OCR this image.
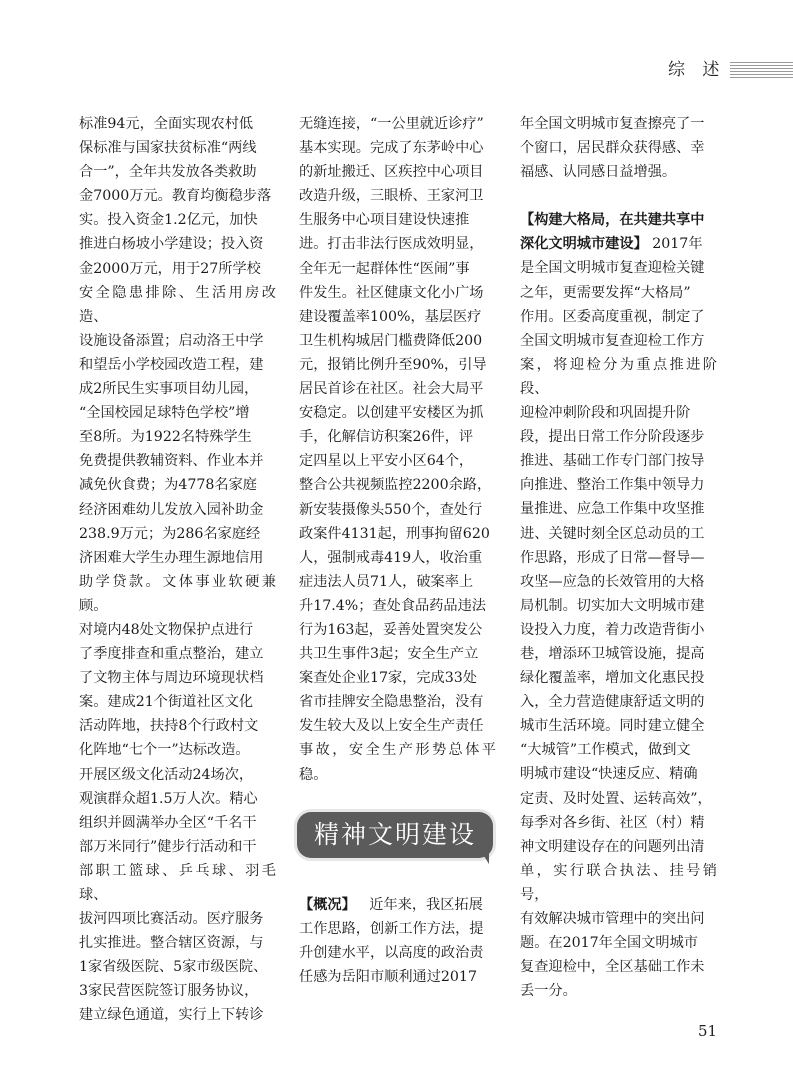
综 述

标准94元，全面实现农村低

保标准与国家扶贫标准“两线

合一”，全年共发放各类救助

金7000万元。教育均衡稳步落

实。投入资金1.2亿元，加快

推进白杨坡小学建设；投入资

金2000万元，用于27所学校

安全隐患排除、生活用房改造、

设施设备添置；启动洛王中学

和望岳小学校园改造工程，建

成2所民生实事项目幼儿园，

“全国校园足球特色学校”增

至8所。为1922名特殊学生

免费提供教辅资料、作业本并

减免伙食费；为4778名家庭

经济困难幼儿发放入园补助金

238.9万元；为286名家庭经

济困难大学生办理生源地信用

助学贷款。文体事业软硬兼顾。

对境内48处文物保护点进行

了季度排查和重点整治，建立

了文物主体与周边环境现状档

案。建成21个街道社区文化

活动阵地，扶持8个行政村文

化阵地“七个一”达标改造。

开展区级文化活动24场次，

观演群众超1.5万人次。精心

组织并圆满举办全区“千名干

部万米同行”健步行活动和干

部职工篮球、乒乓球、羽毛球、

拔河四项比赛活动。医疗服务

扎实推进。整合辖区资源，与

1家省级医院、5家市级医院、

3家民营医院签订服务协议，

建立绿色通道，实行上下转诊

无缝连接，“一公里就近诊疗”

基本实现。完成了东茅岭中心

的新址搬迁、区疾控中心项目

改造升级，三眼桥、王家河卫

生服务中心项目建设快速推

进。打击非法行医成效明显，

全年无一起群体性“医闹”事

件发生。社区健康文化小广场

建设覆盖率100%，基层医疗

卫生机构城居门槛费降低200

元，报销比例升至90%，引导

居民首诊在社区。社会大局平

安稳定。以创建平安楼区为抓

手，化解信访积案26件，评

定四星以上平安小区64个，

整合公共视频监控2200余路，

新安装摄像头550个，查处行

政案件4131起，刑事拘留620

人，强制戒毒419人，收治重

症违法人员71人，破案率上

升17.4%；查处食品药品违法

行为163起，妥善处置突发公

共卫生事件3起；安全生产立

案查处企业17家，完成33处

省市挂牌安全隐患整治，没有

发生较大及以上安全生产责任

事故，安全生产形势总体平稳。

精神文明建设

【概况】 近年来，我区拓展

工作思路，创新工作方法，提

升创建水平，以高度的政治责

任感为岳阳市顺利通过2017

年全国文明城市复查擦亮了一

个窗口，居民群众获得感、幸

福感、认同感日益增强。

【构建大格局，在共建共享中

深化文明城市建设】 2017年

是全国文明城市复查迎检关键

之年，更需要发挥“大格局”

作用。区委高度重视，制定了

全国文明城市复查迎检工作方

案，将迎检分为重点推进阶段、

迎检冲刺阶段和巩固提升阶

段，提出日常工作分阶段逐步

推进、基础工作专门部门按导

向推进、整治工作集中领导力

量推进、应急工作集中攻坚推

进、关键时刻全区总动员的工

作思路，形成了日常—督导—

攻坚—应急的长效管用的大格

局机制。切实加大文明城市建

设投入力度，着力改造背街小

巷，增添环卫城管设施，提高

绿化覆盖率，增加文化惠民投

入，全力营造健康舒适文明的

城市生活环境。同时建立健全

“大城管”工作模式，做到文

明城市建设“快速反应、精确

定责、及时处置、运转高效”，

每季对各乡街、社区（村）精

神文明建设存在的问题列出清

单，实行联合执法、挂号销号，

有效解决城市管理中的突出问

题。在2017年全国文明城市

复查迎检中，全区基础工作未

丢一分。

51
